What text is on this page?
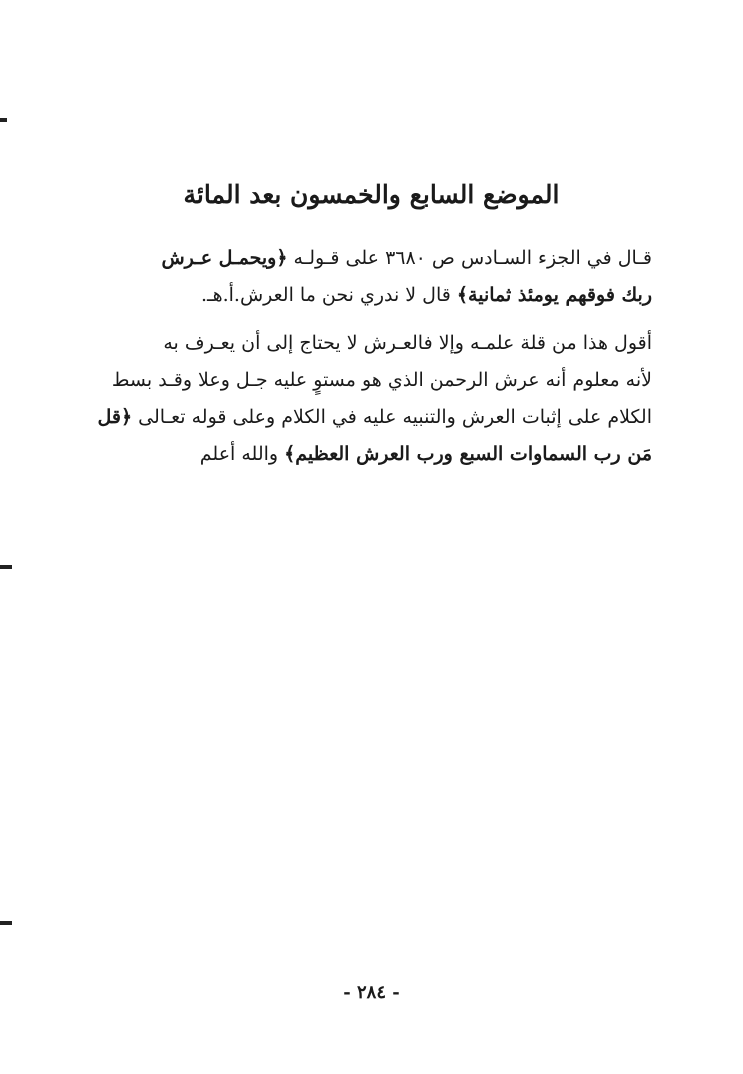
الموضع السابع والخمسون بعد المائة
قـال في الجزء السـادس ص ٣٦٨٠ على قـولـه ﴿ويحمـل عـرش
ربك فوقهم يومئذ ثمانية﴾ قال لا ندري نحن ما العرش.أ.هـ.
أقول هذا من قلة علمـه وإلا فالعـرش لا يحتاج إلى أن يعـرف به
لأنه معلوم أنه عرش الرحمن الذي هو مستوٍ عليه جـل وعلا وقـد بسط
الكلام على إثبات العرش والتنبيه عليه في الكلام وعلى قوله تعـالى ﴿قل
مَن رب السماوات السبع ورب العرش العظيم﴾ والله أعلم
- ٢٨٤ -
